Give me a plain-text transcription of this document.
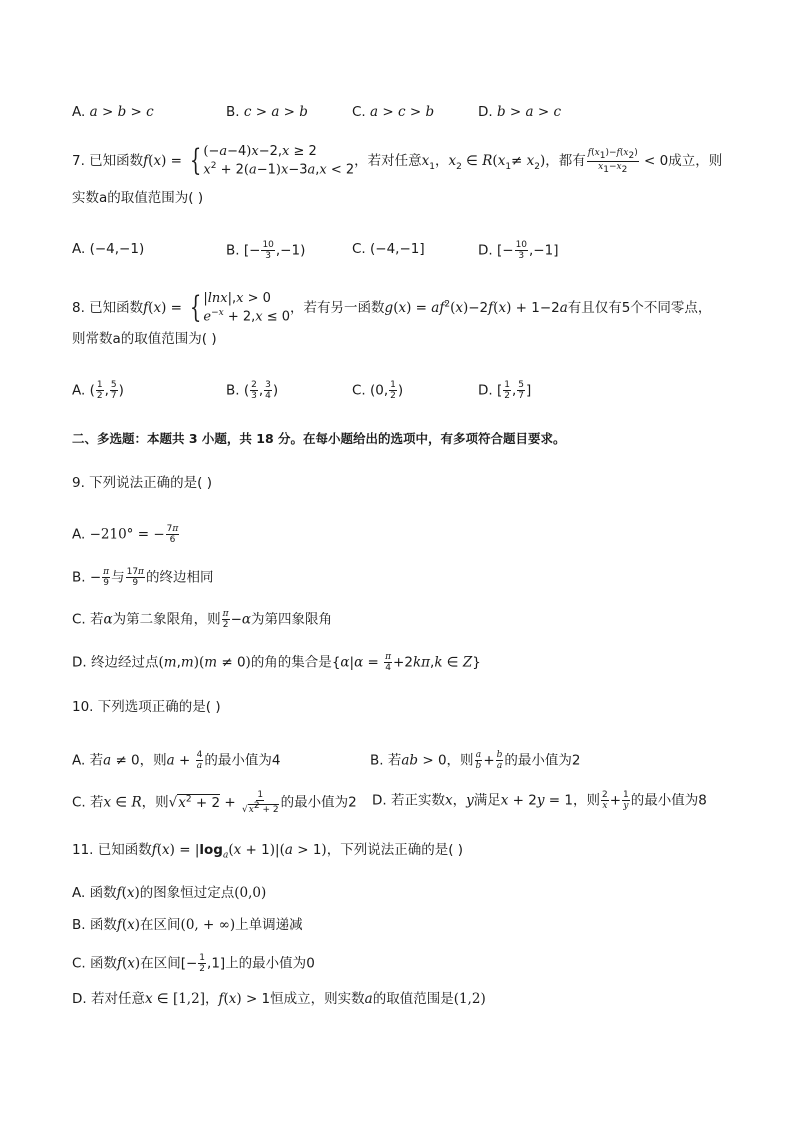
A. a > b > c	B. c > a > b	C. a > c > b	D. b > a > c
7. 已知函数f(x) = { (−a−4)x−2,x ≥ 2
$x^2 + 2(a-1)x-3a,x < 2$
，若对任意$x_1$，$x_2$ ∈ $R(x_1\ne x_2)$，都有 $\frac{f(x_1)-f(x_2)}{x_1-x_2} < 0$成立，则
实数a的取值范围为( )
A. (−4,−1)	B. [− $\frac{10}{3} ,-1$)	C. (−4,−1]	D. [− $\frac{10}{3} ,-1$]
8. 已知函数f(x) = { |lnx|,x > 0
$e^{-x} + 2,x \le 0$
，若有另一函数$g(x) = af^2(x)-2f(x) + 1-2a$有且仅有5个不同零点，
则常数a的取值范围为( )
A. ( $\frac{1}{2}$ , $\frac{5}{7}$ )	B. ( $\frac{2}{3}$ , $\frac{3}{4}$ )	C. (0, $\frac{1}{2}$ )	D. [ $\frac{1}{2}$ , $\frac{5}{7}$ ]
二、多选题：本题共 3 小题，共 18 分。在每小题给出的选项中，有多项符合题目要求。
9. 下列说法正确的是( )
A. −210° = − $\frac{7\pi}{6}$
B. − $\frac{\pi}{9}$ 与 $\frac{17\pi}{9}$ 的终边相同
C. 若α为第二象限角，则 $\frac{\pi}{2} -\alpha$为第四象限角
D. 终边经过点(m,m)(m ≠ 0)的角的集合是{$\alpha|\alpha = \frac{\pi}{4} +2k\pi,k$ ∈ Z}
10. 下列选项正确的是( )
A. 若a ≠ 0，则$a + \frac{4}{a}$ 的最小值为4	B. 若ab > 0，则 $\frac{a}{b} + \frac{b}{a}$ 的最小值为2
C. 若x ∈ R，则$√x^2 + 2 + \frac{1}{√x^2 + 2}$ 的最小值为2 D. 若正实数x，y满足x + 2y = 1，则 $\frac{2}{x} + \frac{1}{y}$ 的最小值为8
11. 已知函数$f(x) = |\log_a(x + 1)|(a > 1)$，下列说法正确的是( )
A. 函数f(x)的图象恒过定点(0,0)
B. 函数f(x)在区间(0, + ∞)上单调递减
C. 函数f(x)在区间[− $\frac{1}{2} ,1$]上的最小值为0
D. 若对任意x ∈ [1,2]，f(x) > 1恒成立，则实数a的取值范围是(1,2)
